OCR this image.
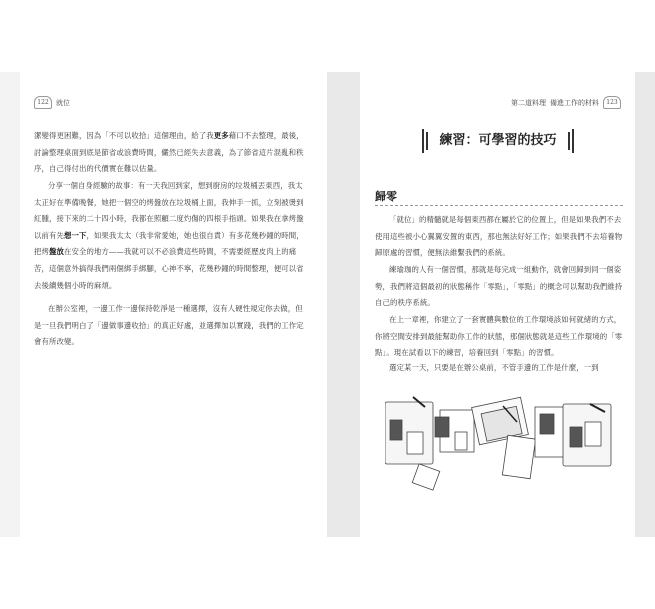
122	就位
潔變得更困難，因為「不可以收拾」這個理由，給了我更多藉口不去整理，最後，討論整理桌面到底是節省或浪費時間，儼然已經失去意義，為了節省這片混亂和秩序，自己得付出的代價實在難以估量。
分享一個自身經驗的故事：有一天我回到家，想到廚房的垃圾桶丟東西，我太太正好在準備晚餐，她把一個空的烤盤放在垃圾桶上面，我伸手一抓，立刻被燙到紅腫，接下來的二十四小時，我都在照顧二度灼傷的四根手指頭。如果我在拿烤盤以前有先想一下，如果我太太（我非常愛她，她也很自責）有多花幾秒鐘的時間，把烤盤放在安全的地方——我就可以不必浪費這些時間，不需要經歷皮肉上的痛苦，這個意外搞得我們兩個綁手綁腳，心神不寧，花幾秒鐘的時間整理，便可以省去後續幾個小時的麻煩。
在辦公室裡，一邊工作一邊保持乾淨是一種選擇，沒有人硬性規定你去做，但是一旦我們明白了「邊做事邊收拾」的真正好處，並選擇加以實踐，我們的工作定會有所改變。
第二道料理 備進工作的材料	123
練習：可學習的技巧
歸零
「就位」的精髓就是每個東西都在屬於它的位置上，但是如果我們不去使用這些被小心翼翼安置的東西，那也無法好好工作；如果我們不去培養物歸原處的習慣，便無法維繫我們的系統。
練瑜珈的人有一個習慣，那就是每完成一組動作，就會回歸到同一個姿勢，我們將這個最初的狀態稱作「零點」，「零點」的概念可以幫助我們維持自己的秩序系統。
在上一章裡，你建立了一套實體與數位的工作環境該如何就緒的方式，你將空間安排到最能幫助你工作的狀態，那個狀態就是這些工作環境的「零點」。現在試看以下的練習，培養回到「零點」的習慣。
選定某一天，只要是在辦公桌前，不管手邊的工作是什麼，一到
